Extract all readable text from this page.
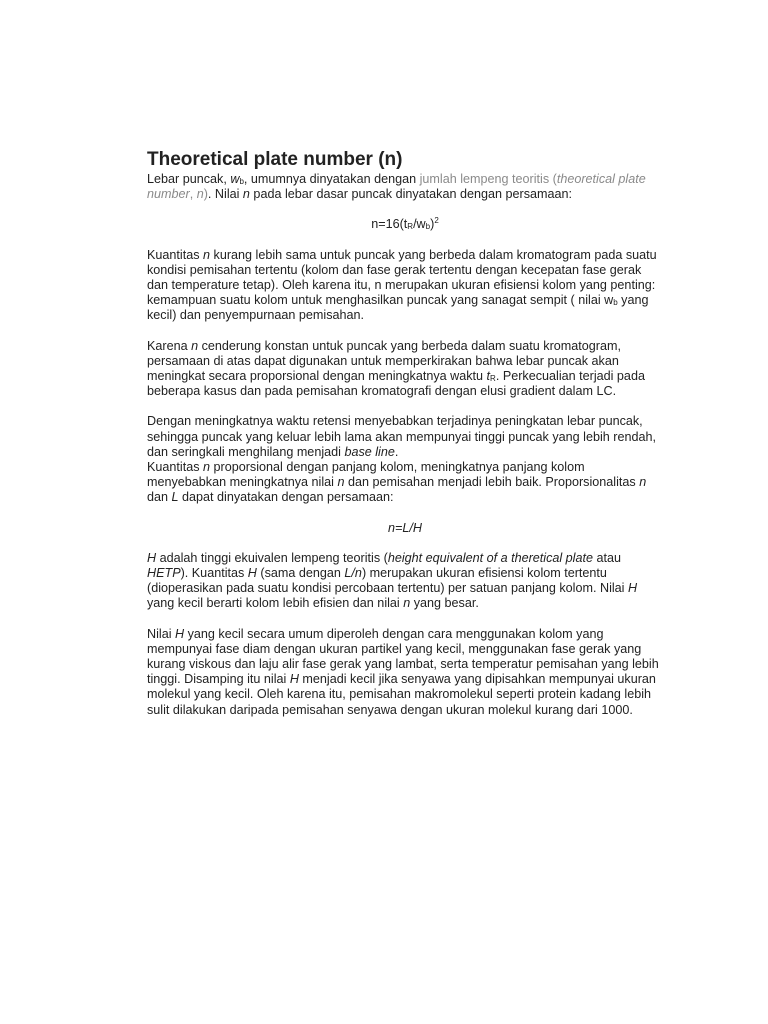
Theoretical plate number (n)

Lebar puncak, $w_b$, umumnya dinyatakan dengan jumlah lempeng teoritis (theoretical plate number, n). Nilai n pada lebar dasar puncak dinyatakan dengan persamaan:

$n=16(t_R/w_b)^2$

Kuantitas n kurang lebih sama untuk puncak yang berbeda dalam kromatogram pada suatu kondisi pemisahan tertentu (kolom dan fase gerak tertentu dengan kecepatan fase gerak dan temperature tetap). Oleh karena itu, n merupakan ukuran efisiensi kolom yang penting: kemampuan suatu kolom untuk menghasilkan puncak yang sanagat sempit ( nilai $w_b$ yang kecil) dan penyempurnaan pemisahan.

Karena n cenderung konstan untuk puncak yang berbeda dalam suatu kromatogram, persamaan di atas dapat digunakan untuk memperkirakan bahwa lebar puncak akan meningkat secara proporsional dengan meningkatnya waktu $t_R$. Perkecualian terjadi pada beberapa kasus dan pada pemisahan kromatografi dengan elusi gradient dalam LC.

Dengan meningkatnya waktu retensi menyebabkan terjadinya peningkatan lebar puncak, sehingga puncak yang keluar lebih lama akan mempunyai tinggi puncak yang lebih rendah, dan seringkali menghilang menjadi base line.

Kuantitas n proporsional dengan panjang kolom, meningkatnya panjang kolom menyebabkan meningkatnya nilai n dan pemisahan menjadi lebih baik. Proporsionalitas n dan L dapat dinyatakan dengan persamaan:

n=L/H

H adalah tinggi ekuivalen lempeng teoritis (height equivalent of a theretical plate atau HETP). Kuantitas H (sama dengan L/n) merupakan ukuran efisiensi kolom tertentu (dioperasikan pada suatu kondisi percobaan tertentu) per satuan panjang kolom. Nilai H yang kecil berarti kolom lebih efisien dan nilai n yang besar.

Nilai H yang kecil secara umum diperoleh dengan cara menggunakan kolom yang mempunyai fase diam dengan ukuran partikel yang kecil, menggunakan fase gerak yang kurang viskous dan laju alir fase gerak yang lambat, serta temperatur pemisahan yang lebih tinggi. Disamping itu nilai H menjadi kecil jika senyawa yang dipisahkan mempunyai ukuran molekul yang kecil. Oleh karena itu, pemisahan makromolekul seperti protein kadang lebih sulit dilakukan daripada pemisahan senyawa dengan ukuran molekul kurang dari 1000.
